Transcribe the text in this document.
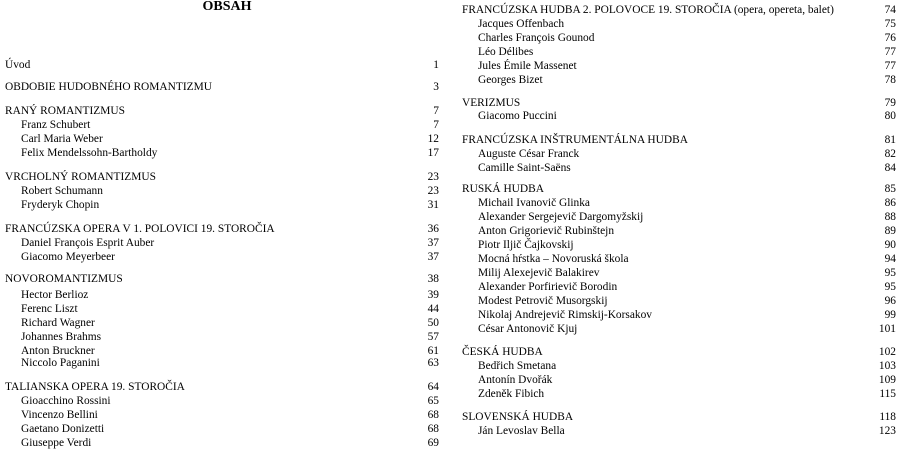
OBSAH
Úvod	1
OBDOBIE HUDOBNÉHO ROMANTIZMU	3
RANÝ ROMANTIZMUS	7
Franz Schubert	7
Carl Maria Weber	12
Felix Mendelssohn-Bartholdy	17
VRCHOLNÝ ROMANTIZMUS	23
Robert Schumann	23
Fryderyk Chopin	31
FRANCÚZSKA OPERA V 1. POLOVICI 19. STOROČIA	36
Daniel François Esprit Auber	37
Giacomo Meyerbeer	37
NOVOROMANTIZMUS	38
Hector Berlioz	39
Ferenc Liszt	44
Richard Wagner	50
Johannes Brahms	57
Anton Bruckner	61
Niccolo Paganini	63
TALIANSKA OPERA 19. STOROČIA	64
Gioacchino Rossini	65
Vincenzo Bellini	68
Gaetano Donizetti	68
Giuseppe Verdi	69
FRANCÚZSKA HUDBA 2. POLOVOCE 19. STOROČIA (opera, opereta, balet)	74
Jacques Offenbach	75
Charles François Gounod	76
Léo Délibes	77
Jules Émile Massenet	77
Georges Bizet	78
VERIZMUS	79
Giacomo Puccini	80
FRANCÚZSKA INŠTRUMENTÁLNA HUDBA	81
Auguste César Franck	82
Camille Saint-Saëns	84
RUSKÁ HUDBA	85
Michail Ivanovič Glinka	86
Alexander Sergejevič Dargomyžskij	88
Anton Grigorievič Rubinštejn	89
Piotr Iljič Čajkovskij	90
Mocná hŕstka – Novoruská škola	94
Milij Alexejevič Balakirev	95
Alexander Porfirievič Borodin	95
Modest Petrovič Musorgskij	96
Nikolaj Andrejevič Rimskij-Korsakov	99
César Antonovič Kjuj	101
ČESKÁ HUDBA	102
Bedřich Smetana	103
Antonín Dvořák	109
Zdeněk Fibich	115
SLOVENSKÁ HUDBA	118
Ján Levoslav Bella	123
